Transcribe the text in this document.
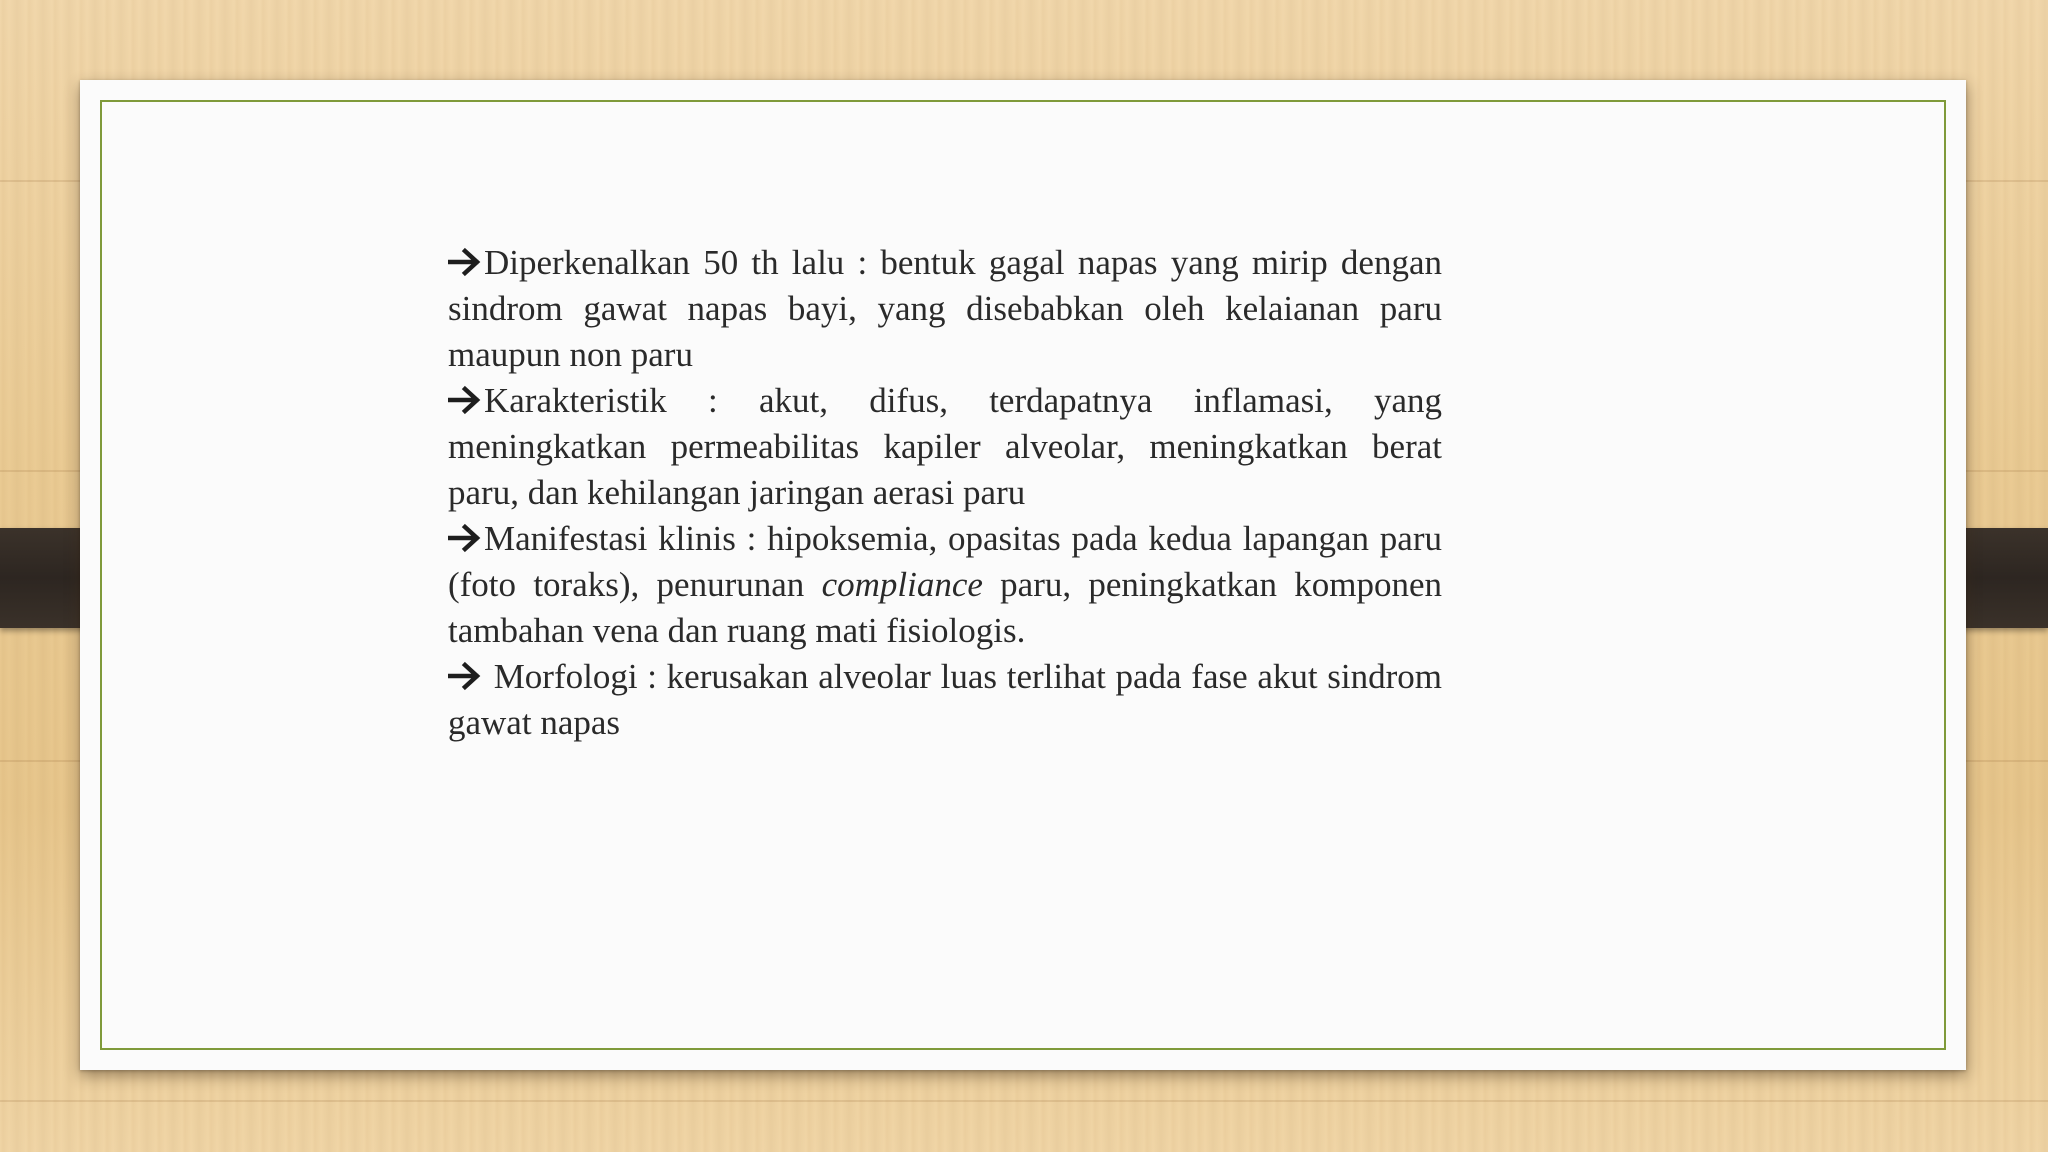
Diperkenalkan 50 th lalu : bentuk gagal napas yang mirip dengan sindrom gawat napas bayi, yang disebabkan oleh kelaianan paru maupun non paru

Karakteristik : akut, difus, terdapatnya inflamasi, yang meningkatkan permeabilitas kapiler alveolar, meningkatkan berat paru, dan kehilangan jaringan aerasi paru

Manifestasi klinis : hipoksemia, opasitas pada kedua lapangan paru (foto toraks), penurunan compliance paru, peningkatkan komponen tambahan vena dan ruang mati fisiologis.

Morfologi : kerusakan alveolar luas terlihat pada fase akut sindrom gawat napas
